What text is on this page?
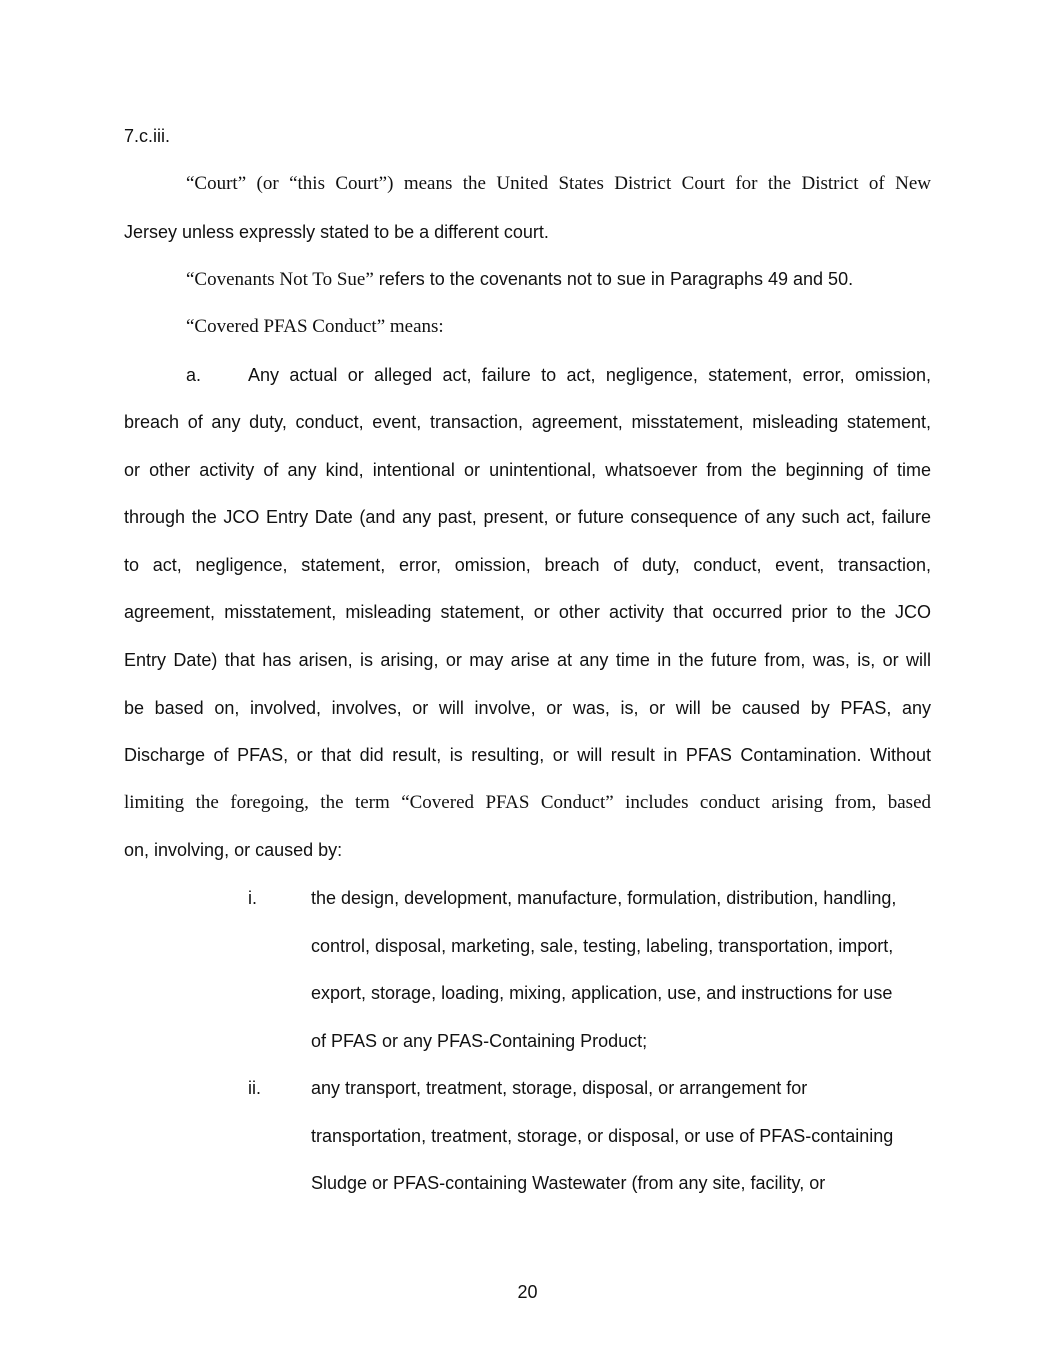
7.c.iii.
“Court” (or “this Court”) means the United States District Court for the District of New
Jersey unless expressly stated to be a different court.
“Covenants Not To Sue” refers to the covenants not to sue in Paragraphs 49 and 50.
“Covered PFAS Conduct” means:
a.	Any actual or alleged act, failure to act, negligence, statement, error, omission,
breach of any duty, conduct, event, transaction, agreement, misstatement, misleading statement,
or other activity of any kind, intentional or unintentional, whatsoever from the beginning of time
through the JCO Entry Date (and any past, present, or future consequence of any such act, failure
to act, negligence, statement, error, omission, breach of duty, conduct, event, transaction,
agreement, misstatement, misleading statement, or other activity that occurred prior to the JCO
Entry Date) that has arisen, is arising, or may arise at any time in the future from, was, is, or will
be based on, involved, involves, or will involve, or was, is, or will be caused by PFAS, any
Discharge of PFAS, or that did result, is resulting, or will result in PFAS Contamination. Without
limiting the foregoing, the term “Covered PFAS Conduct” includes conduct arising from, based
on, involving, or caused by:
i.	the design, development, manufacture, formulation, distribution, handling,
control, disposal, marketing, sale, testing, labeling, transportation, import,
export, storage, loading, mixing, application, use, and instructions for use
of PFAS or any PFAS-Containing Product;
ii.	any transport, treatment, storage, disposal, or arrangement for
transportation, treatment, storage, or disposal, or use of PFAS-containing
Sludge or PFAS-containing Wastewater (from any site, facility, or
20
